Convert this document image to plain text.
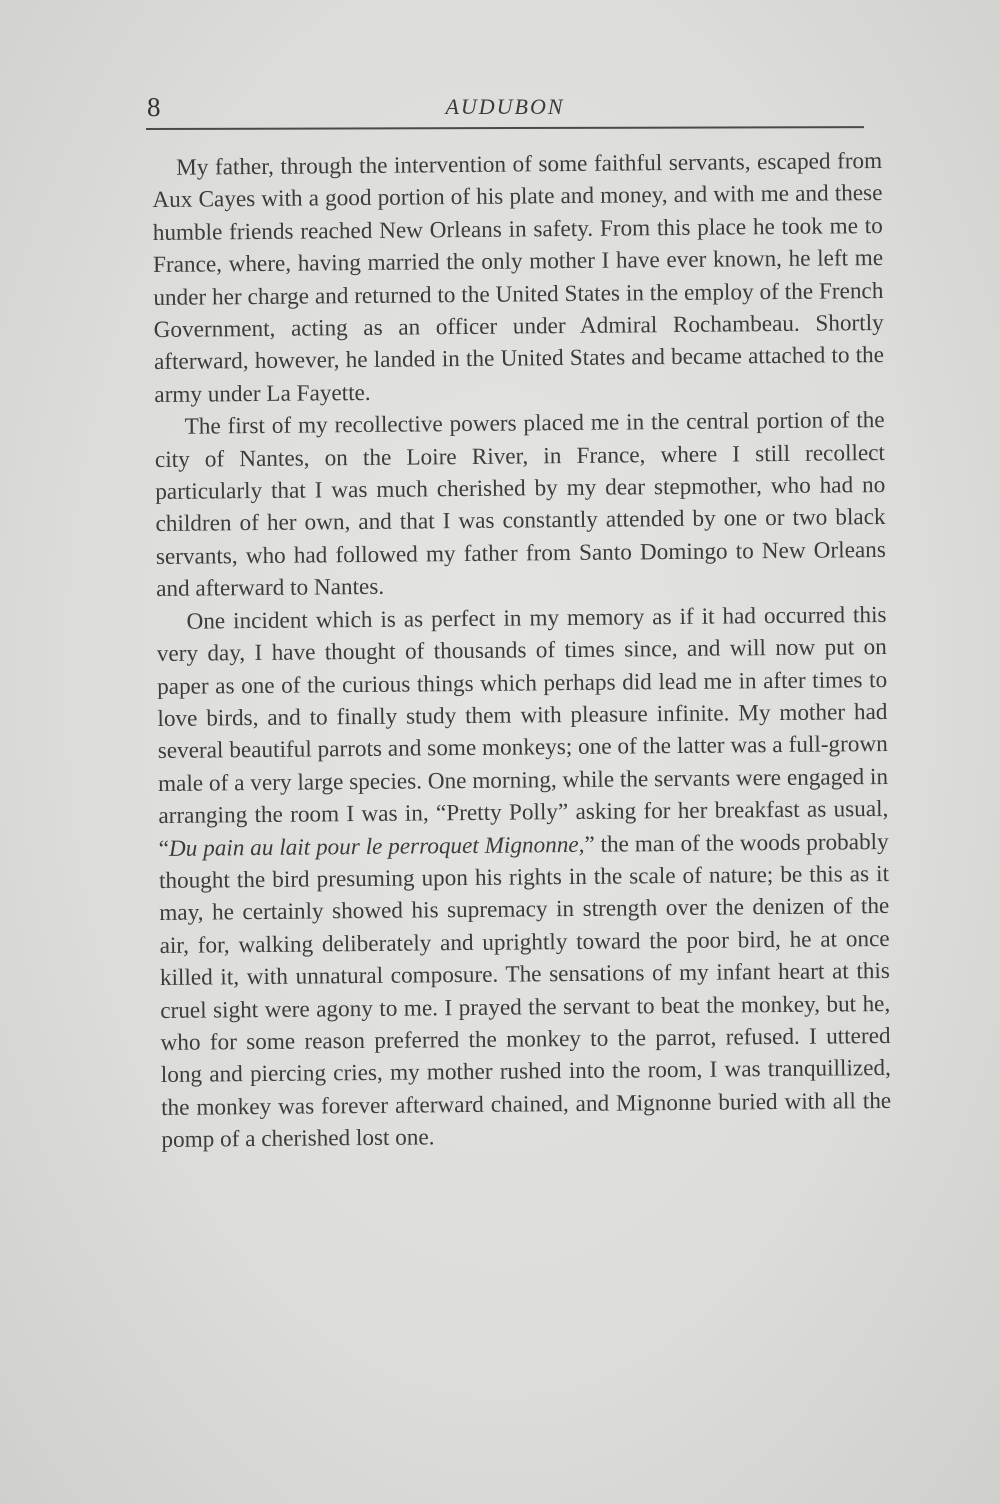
8	AUDUBON

My father, through the intervention of some faithful servants, escaped from Aux Cayes with a good portion of his plate and money, and with me and these humble friends reached New Orleans in safety. From this place he took me to France, where, having married the only mother I have ever known, he left me under her charge and returned to the United States in the employ of the French Government, acting as an officer under Admiral Rochambeau. Shortly afterward, however, he landed in the United States and became attached to the army under La Fayette.

The first of my recollective powers placed me in the central portion of the city of Nantes, on the Loire River, in France, where I still recollect particularly that I was much cherished by my dear stepmother, who had no children of her own, and that I was constantly attended by one or two black servants, who had followed my father from Santo Domingo to New Orleans and afterward to Nantes.

One incident which is as perfect in my memory as if it had occurred this very day, I have thought of thousands of times since, and will now put on paper as one of the curious things which perhaps did lead me in after times to love birds, and to finally study them with pleasure infinite. My mother had several beautiful parrots and some monkeys; one of the latter was a full-grown male of a very large species. One morning, while the servants were engaged in arranging the room I was in, “Pretty Polly” asking for her breakfast as usual, “Du pain au lait pour le perroquet Mignonne,” the man of the woods probably thought the bird presuming upon his rights in the scale of nature; be this as it may, he certainly showed his supremacy in strength over the denizen of the air, for, walking deliberately and uprightly toward the poor bird, he at once killed it, with unnatural composure. The sensations of my infant heart at this cruel sight were agony to me. I prayed the servant to beat the monkey, but he, who for some reason preferred the monkey to the parrot, refused. I uttered long and piercing cries, my mother rushed into the room, I was tranquillized, the monkey was forever afterward chained, and Mignonne buried with all the pomp of a cherished lost one.
